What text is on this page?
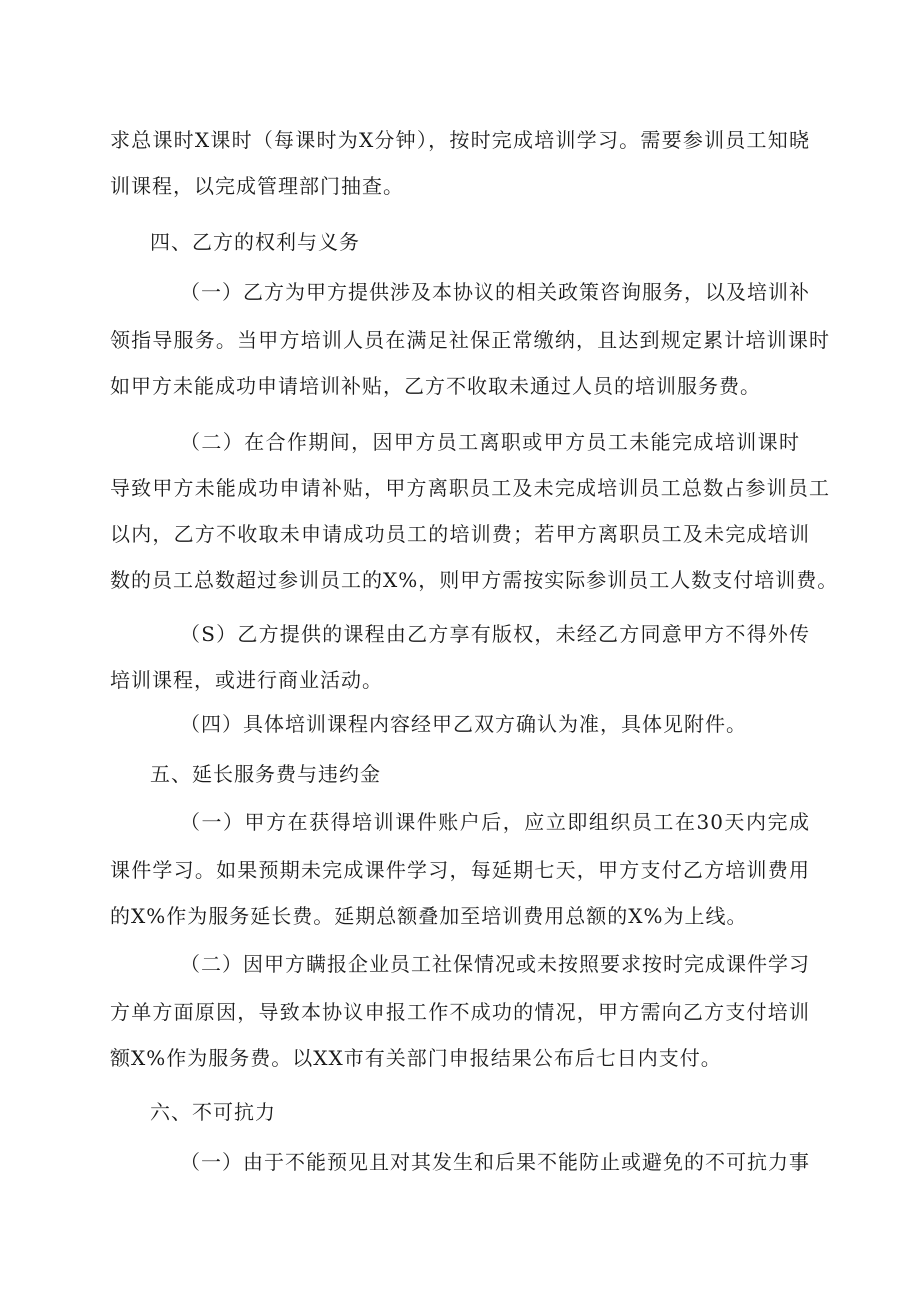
求总课时X课时（每课时为X分钟），按时完成培训学习。需要参训员工知晓
训课程，以完成管理部门抽查。
四、乙方的权利与义务
（一）乙方为甲方提供涉及本协议的相关政策咨询服务，以及培训补
领指导服务。当甲方培训人员在满足社保正常缴纳，且达到规定累计培训课时
如甲方未能成功申请培训补贴，乙方不收取未通过人员的培训服务费。
（二）在合作期间，因甲方员工离职或甲方员工未能完成培训课时
导致甲方未能成功申请补贴，甲方离职员工及未完成培训员工总数占参训员工
以内，乙方不收取未申请成功员工的培训费；若甲方离职员工及未完成培训
数的员工总数超过参训员工的X%，则甲方需按实际参训员工人数支付培训费。
（S）乙方提供的课程由乙方享有版权，未经乙方同意甲方不得外传
培训课程，或进行商业活动。
（四）具体培训课程内容经甲乙双方确认为准，具体见附件。
五、延长服务费与违约金
（一）甲方在获得培训课件账户后，应立即组织员工在30天内完成
课件学习。如果预期未完成课件学习，每延期七天，甲方支付乙方培训费用
的X%作为服务延长费。延期总额叠加至培训费用总额的X%为上线。
（二）因甲方瞒报企业员工社保情况或未按照要求按时完成课件学习
方单方面原因，导致本协议申报工作不成功的情况，甲方需向乙方支付培训
额X%作为服务费。以XX市有关部门申报结果公布后七日内支付。
六、不可抗力
（一）由于不能预见且对其发生和后果不能防止或避免的不可抗力事
